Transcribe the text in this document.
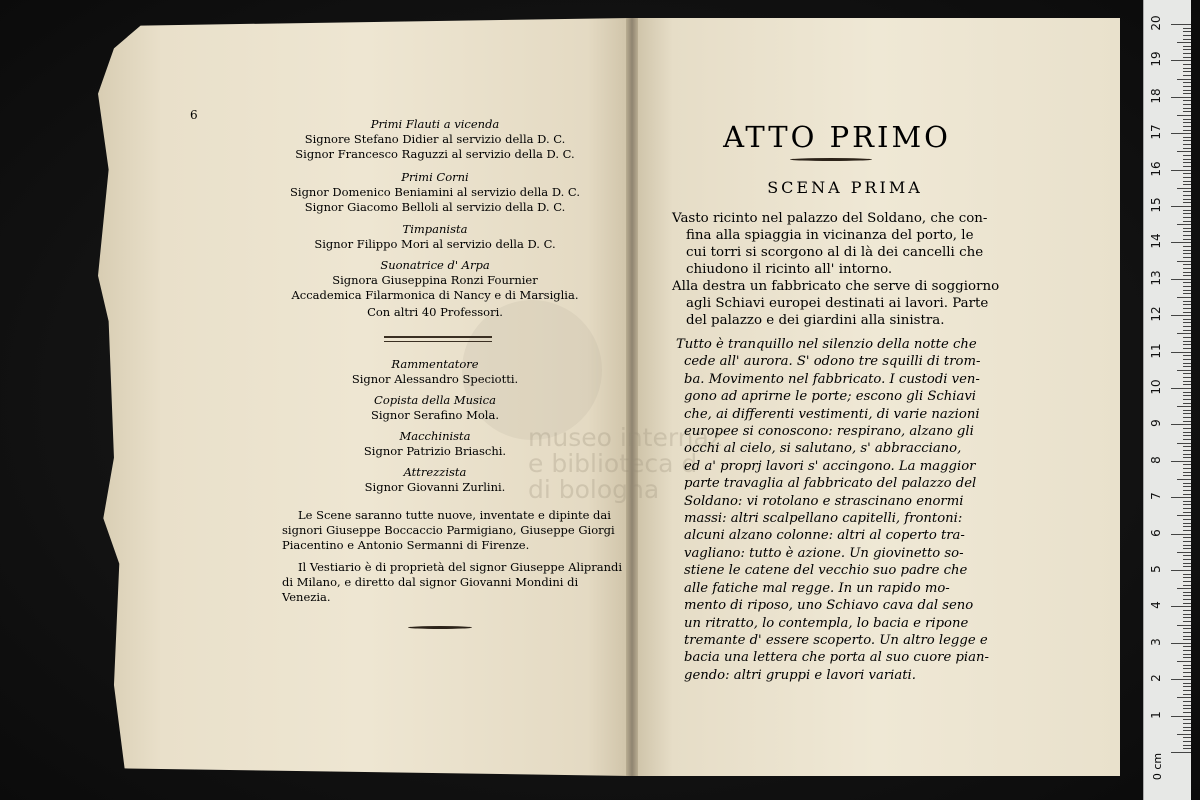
museo internaz
e biblioteca d
di bologna
6
Primi Flauti a vicenda
Signore Stefano Didier al servizio della D. C.
Signor Francesco Raguzzi al servizio della D. C.
Primi Corni
Signor Domenico Beniamini al servizio della D. C.
Signor Giacomo Belloli al servizio della D. C.
Timpanista
Signor Filippo Mori al servizio della D. C.
Suonatrice d' Arpa
Signora Giuseppina Ronzi Fournier
Accademica Filarmonica di Nancy e di Marsiglia.
Con altri 40 Professori.
Rammentatore
Signor Alessandro Speciotti.
Copista della Musica
Signor Serafino Mola.
Macchinista
Signor Patrizio Briaschi.
Attrezzista
Signor Giovanni Zurlini.
Le Scene saranno tutte nuove, inventate e dipinte dai
signori Giuseppe Boccaccio Parmigiano, Giuseppe Giorgi
Piacentino e Antonio Sermanni di Firenze.
Il Vestiario è di proprietà del signor Giuseppe Aliprandi
di Milano, e diretto dal signor Giovanni Mondini di
Venezia.
ATTO PRIMO
SCENA PRIMA

Vasto ricinto nel palazzo del Soldano, che con-

fina alla spiaggia in vicinanza del porto, le

cui torri si scorgono al di là dei cancelli che

chiudono il ricinto all' intorno.

Alla destra un fabbricato che serve di soggiorno

agli Schiavi europei destinati ai lavori. Parte

del palazzo e dei giardini alla sinistra.

Tutto è tranquillo nel silenzio della notte che

cede all' aurora. S' odono tre squilli di trom-

ba. Movimento nel fabbricato. I custodi ven-

gono ad aprirne le porte; escono gli Schiavi

che, ai differenti vestimenti, di varie nazioni

europee si conoscono: respirano, alzano gli

occhi al cielo, si salutano, s' abbracciano,

ed a' proprj lavori s' accingono. La maggior

parte travaglia al fabbricato del palazzo del

Soldano: vi rotolano e strascinano enormi

massi: altri scalpellano capitelli, frontoni:

alcuni alzano colonne: altri al coperto tra-

vagliano: tutto è azione. Un giovinetto so-

stiene le catene del vecchio suo padre che

alle fatiche mal regge. In un rapido mo-

mento di riposo, uno Schiavo cava dal seno

un ritratto, lo contempla, lo bacia e ripone

tremante d' essere scoperto. Un altro legge e

bacia una lettera che porta al suo cuore pian-

gendo: altri gruppi e lavori variati.

0 cm
1
2
3
4
5
6
7
8
9
10
11
12
13
14
15
16
17
18
19
20
